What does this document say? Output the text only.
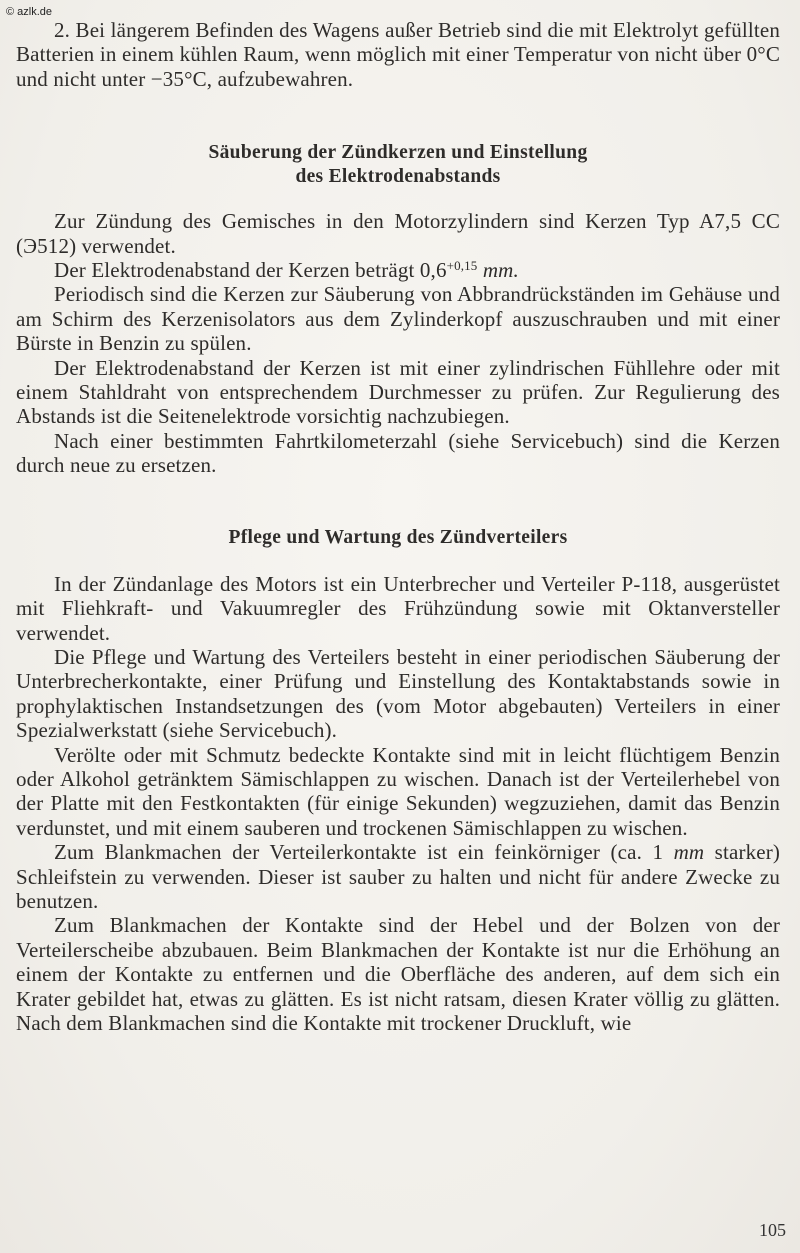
© azlk.de

2. Bei längerem Befinden des Wagens außer Betrieb sind die mit Elektrolyt gefüllten Batterien in einem kühlen Raum, wenn möglich mit einer Temperatur von nicht über 0°C und nicht unter −35°C, aufzubewahren.

Säuberung der Zündkerzen und Einstellung
des Elektrodenabstands

Zur Zündung des Gemisches in den Motorzylindern sind Kerzen Typ A7,5 CC (Э512) verwendet.

Der Elektrodenabstand der Kerzen beträgt $0,6^{+0,15}$ mm.

Periodisch sind die Kerzen zur Säuberung von Abbrandrückständen im Gehäuse und am Schirm des Kerzenisolators aus dem Zylinderkopf auszuschrauben und mit einer Bürste in Benzin zu spülen.

Der Elektrodenabstand der Kerzen ist mit einer zylindrischen Fühllehre oder mit einem Stahldraht von entsprechendem Durchmesser zu prüfen. Zur Regulierung des Abstands ist die Seitenelektrode vorsichtig nachzubiegen.

Nach einer bestimmten Fahrtkilometerzahl (siehe Servicebuch) sind die Kerzen durch neue zu ersetzen.

Pflege und Wartung des Zündverteilers

In der Zündanlage des Motors ist ein Unterbrecher und Verteiler P-118, ausgerüstet mit Fliehkraft- und Vakuumregler des Frühzündung sowie mit Oktanversteller verwendet.

Die Pflege und Wartung des Verteilers besteht in einer periodischen Säuberung der Unterbrecherkontakte, einer Prüfung und Einstellung des Kontaktabstands sowie in prophylaktischen Instandsetzungen des (vom Motor abgebauten) Verteilers in einer Spezialwerkstatt (siehe Servicebuch).

Verölte oder mit Schmutz bedeckte Kontakte sind mit in leicht flüchtigem Benzin oder Alkohol getränktem Sämischlappen zu wischen. Danach ist der Verteilerhebel von der Platte mit den Festkontakten (für einige Sekunden) wegzuziehen, damit das Benzin verdunstet, und mit einem sauberen und trockenen Sämischlappen zu wischen.

Zum Blankmachen der Verteilerkontakte ist ein feinkörniger (ca. 1 mm starker) Schleifstein zu verwenden. Dieser ist sauber zu halten und nicht für andere Zwecke zu benutzen.

Zum Blankmachen der Kontakte sind der Hebel und der Bolzen von der Verteilerscheibe abzubauen. Beim Blankmachen der Kontakte ist nur die Erhöhung an einem der Kontakte zu entfernen und die Oberfläche des anderen, auf dem sich ein Krater gebildet hat, etwas zu glätten. Es ist nicht ratsam, diesen Krater völlig zu glätten. Nach dem Blankmachen sind die Kontakte mit trockener Druckluft, wie

105
